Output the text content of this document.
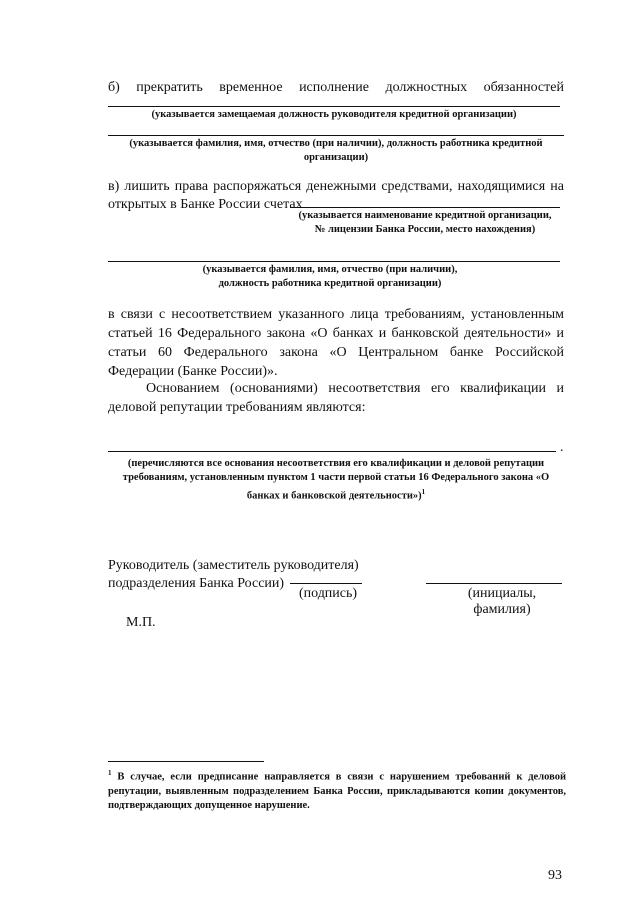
б) прекратить временное исполнение должностных обязанностей
(указывается замещаемая должность руководителя кредитной организации)
(указывается фамилия, имя, отчество (при наличии), должность работника кредитной организации)
в) лишить права распоряжаться денежными средствами, находящимися на
открытых в Банке России счетах
(указывается наименование кредитной организации,
№ лицензии Банка России, место нахождения)
(указывается фамилия, имя, отчество (при наличии),
должность работника кредитной организации)
в связи с несоответствием указанного лица требованиям, установленным статьей 16 Федерального закона «О банках и банковской деятельности» и статьи 60 Федерального закона «О Центральном банке Российской Федерации (Банке России)».
Основанием (основаниями) несоответствия его квалификации и деловой репутации требованиям являются:
.
(перечисляются все основания несоответствия его квалификации и деловой репутации требованиям, установленным пунктом 1 части первой статьи 16 Федерального закона «О банках и банковской деятельности»)$^1$
Руководитель (заместитель руководителя)
подразделения Банка России)
(подпись)	(инициалы, фамилия)
М.П.
$^1$ В случае, если предписание направляется в связи с нарушением требований к деловой репутации, выявленным подразделением Банка России, прикладываются копии документов, подтверждающих допущенное нарушение.
93
